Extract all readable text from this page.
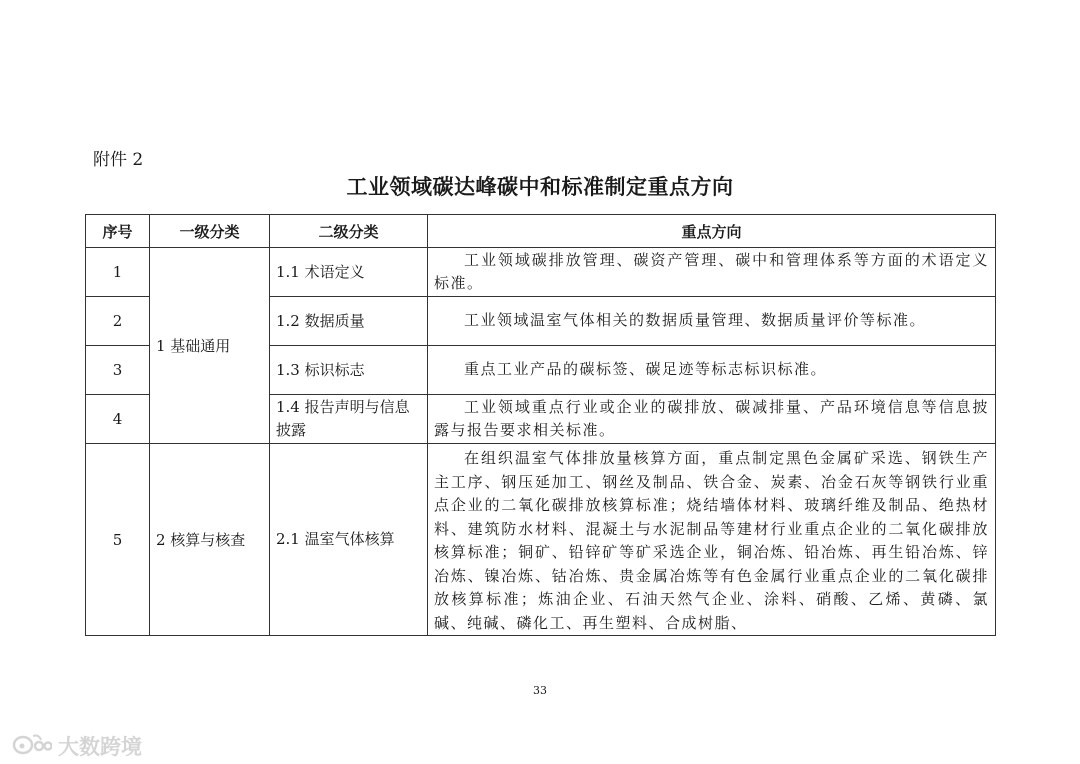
附件 2
工业领域碳达峰碳中和标准制定重点方向
序号	一级分类	二级分类	重点方向
1	1 基础通用	1.1 术语定义	工业领域碳排放管理、碳资产管理、碳中和管理体系等方面的术语定义标准。
2		1.2 数据质量	工业领域温室气体相关的数据质量管理、数据质量评价等标准。
3		1.3 标识标志	重点工业产品的碳标签、碳足迹等标志标识标准。
4		1.4 报告声明与信息披露	工业领域重点行业或企业的碳排放、碳减排量、产品环境信息等信息披露与报告要求相关标准。
5	2 核算与核查	2.1 温室气体核算	在组织温室气体排放量核算方面，重点制定黑色金属矿采选、钢铁生产主工序、钢压延加工、钢丝及制品、铁合金、炭素、冶金石灰等钢铁行业重点企业的二氧化碳排放核算标准；烧结墙体材料、玻璃纤维及制品、绝热材料、建筑防水材料、混凝土与水泥制品等建材行业重点企业的二氧化碳排放核算标准；铜矿、铅锌矿等矿采选企业，铜冶炼、铅冶炼、再生铅冶炼、锌冶炼、镍冶炼、钴冶炼、贵金属冶炼等有色金属行业重点企业的二氧化碳排放核算标准；炼油企业、石油天然气企业、涂料、硝酸、乙烯、黄磷、氯碱、纯碱、磷化工、再生塑料、合成树脂、
33
大数跨境
